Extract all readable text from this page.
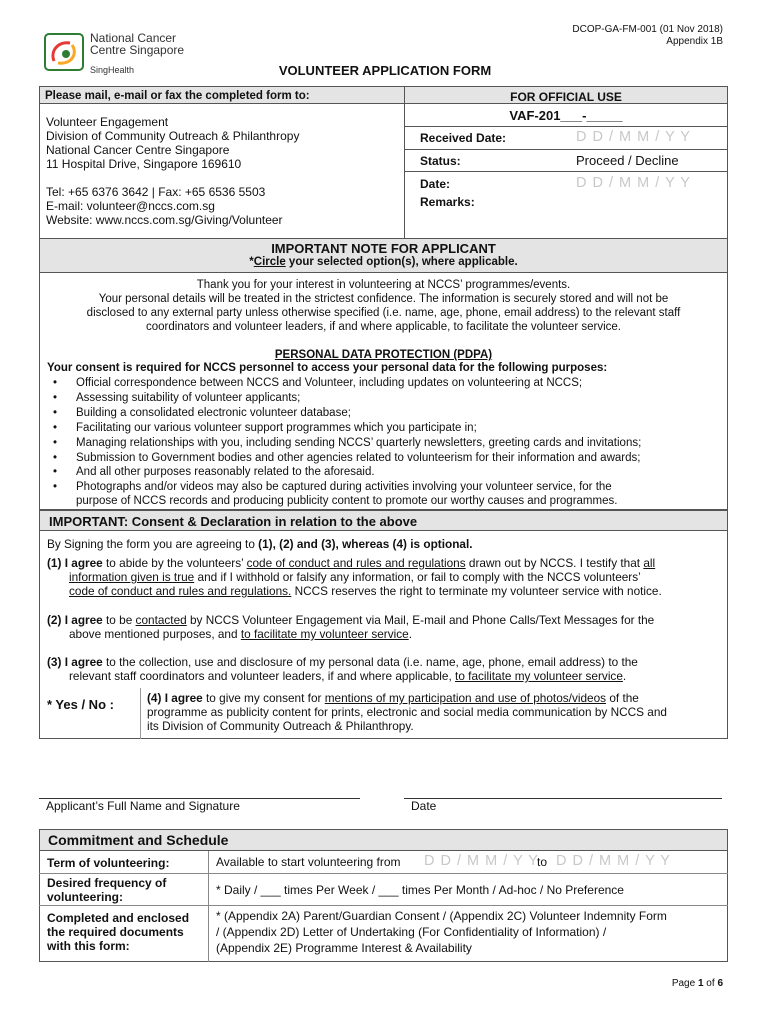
DCOP-GA-FM-001 (01 Nov 2018)
Appendix 1B
National Cancer
Centre Singapore
SingHealth	VOLUNTEER APPLICATION FORM
Please mail, e-mail or fax the completed form to:	FOR OFFICIAL USE
Volunteer Engagement
Division of Community Outreach & Philanthropy
National Cancer Centre Singapore
11 Hospital Drive, Singapore 169610
Tel: +65 6376 3642 | Fax: +65 6536 5503
E-mail: volunteer@nccs.com.sg
Website: www.nccs.com.sg/Giving/Volunteer
VAF-201___-_____
Received Date:	D D / M M / Y Y
Status:	Proceed / Decline
Date:	D D / M M / Y Y
Remarks:
IMPORTANT NOTE FOR APPLICANT
*Circle your selected option(s), where applicable.
Thank you for your interest in volunteering at NCCS’ programmes/events.
Your personal details will be treated in the strictest confidence. The information is securely stored and will not be
disclosed to any external party unless otherwise specified (i.e. name, age, phone, email address) to the relevant staff
coordinators and volunteer leaders, if and where applicable, to facilitate the volunteer service.
PERSONAL DATA PROTECTION (PDPA)
Your consent is required for NCCS personnel to access your personal data for the following purposes:
• Official correspondence between NCCS and Volunteer, including updates on volunteering at NCCS;
• Assessing suitability of volunteer applicants;
• Building a consolidated electronic volunteer database;
• Facilitating our various volunteer support programmes which you participate in;
• Managing relationships with you, including sending NCCS’ quarterly newsletters, greeting cards and invitations;
• Submission to Government bodies and other agencies related to volunteerism for their information and awards;
• And all other purposes reasonably related to the aforesaid.
• Photographs and/or videos may also be captured during activities involving your volunteer service, for the
purpose of NCCS records and producing publicity content to promote our worthy causes and programmes.
IMPORTANT: Consent & Declaration in relation to the above
By Signing the form you are agreeing to (1), (2) and (3), whereas (4) is optional.
(1) I agree to abide by the volunteers’ code of conduct and rules and regulations drawn out by NCCS. I testify that all
information given is true and if I withhold or falsify any information, or fail to comply with the NCCS volunteers’
code of conduct and rules and regulations. NCCS reserves the right to terminate my volunteer service with notice.
(2) I agree to be contacted by NCCS Volunteer Engagement via Mail, E-mail and Phone Calls/Text Messages for the
above mentioned purposes, and to facilitate my volunteer service.
(3) I agree to the collection, use and disclosure of my personal data (i.e. name, age, phone, email address) to the
relevant staff coordinators and volunteer leaders, if and where applicable, to facilitate my volunteer service.
* Yes / No :	(4) I agree to give my consent for mentions of my participation and use of photos/videos of the
programme as publicity content for prints, electronic and social media communication by NCCS and
its Division of Community Outreach & Philanthropy.
Applicant’s Full Name and Signature	Date
Commitment and Schedule
Term of volunteering:	Available to start volunteering from D D / M M / Y Y
to D D / M M / Y Y
Desired frequency of
volunteering:	* Daily / ___ times Per Week / ___ times Per Month / Ad-hoc / No Preference
Completed and enclosed
the required documents
with this form:
* (Appendix 2A) Parent/Guardian Consent / (Appendix 2C) Volunteer Indemnity Form
/ (Appendix 2D) Letter of Undertaking (For Confidentiality of Information) /
(Appendix 2E) Programme Interest & Availability
Page 1 of 6
